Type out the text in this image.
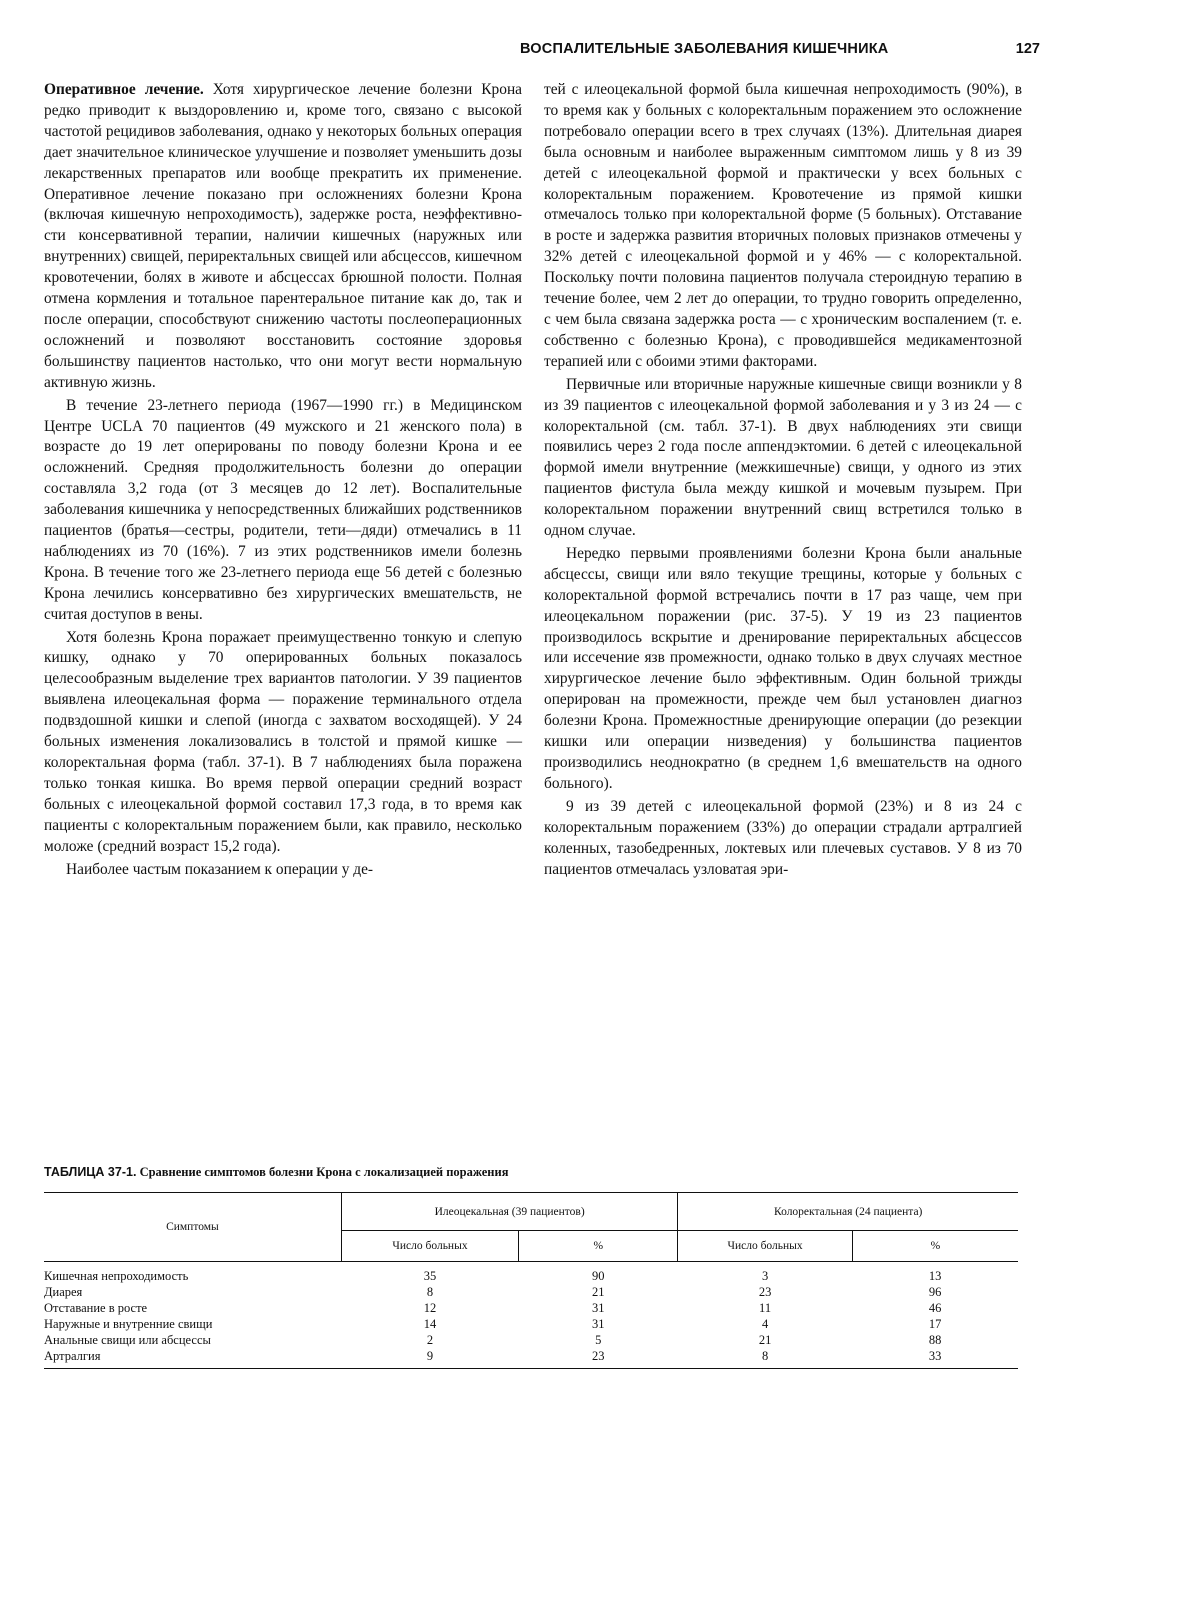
ВОСПАЛИТЕЛЬНЫЕ ЗАБОЛЕВАНИЯ КИШЕЧНИКА	127

Оперативное лечение. Хотя хирургическое лечение болезни Крона редко приводит к выздоровлению и, кроме того, связано с высокой частотой рецидивов заболевания, однако у некоторых больных операция дает значительное клиническое улучшение и позволяет уменьшить дозы лекарственных препаратов или вообще прекратить их применение. Оперативное лечение показано при осложнениях болезни Крона (включая кишечную непроходимость), задержке роста, неэффективности консервативной терапии, наличии кишечных (наружных или внутренних) свищей, периректальных свищей или абсцессов, кишечном кровотечении, болях в животе и абсцессах брюшной полости. Полная отмена кормления и тотальное парентеральное питание как до, так и после операции, способствуют снижению частоты послеоперационных осложнений и позволяют восстановить состояние здоровья большинству пациентов настолько, что они могут вести нормальную активную жизнь.

В течение 23-летнего периода (1967—1990 гг.) в Медицинском Центре UCLA 70 пациентов (49 мужского и 21 женского пола) в возрасте до 19 лет оперированы по поводу болезни Крона и ее осложнений. Средняя продолжительность болезни до операции составляла 3,2 года (от 3 месяцев до 12 лет). Воспалительные заболевания кишечника у непосредственных ближайших родственников пациентов (братья—сестры, родители, тети—дяди) отмечались в 11 наблюдениях из 70 (16%). 7 из этих родственников имели болезнь Крона. В течение того же 23-летнего периода еще 56 детей с болезнью Крона лечились консервативно без хирургических вмешательств, не считая доступов в вены.

Хотя болезнь Крона поражает преимущественно тонкую и слепую кишку, однако у 70 оперированных больных показалось целесообразным выделение трех вариантов патологии. У 39 пациентов выявлена илеоцекальная форма — поражение терминального отдела подвздошной кишки и слепой (иногда с захватом восходящей). У 24 больных изменения локализовались в толстой и прямой кишке — колоректальная форма (табл. 37-1). В 7 наблюдениях была поражена только тонкая кишка. Во время первой операции средний возраст больных с илеоцекальной формой составил 17,3 года, в то время как пациенты с колоректальным поражением были, как правило, несколько моложе (средний возраст 15,2 года).

Наиболее частым показанием к операции у де-

тей с илеоцекальной формой была кишечная непроходимость (90%), в то время как у больных с колоректальным поражением это осложнение потребовало операции всего в трех случаях (13%). Длительная диарея была основным и наиболее выраженным симптомом лишь у 8 из 39 детей с илеоцекальной формой и практически у всех больных с колоректальным поражением. Кровотечение из прямой кишки отмечалось только при колоректальной форме (5 больных). Отставание в росте и задержка развития вторичных половых признаков отмечены у 32% детей с илеоцекальной формой и у 46% — с колоректальной. Поскольку почти половина пациентов получала стероидную терапию в течение более, чем 2 лет до операции, то трудно говорить определенно, с чем была связана задержка роста — с хроническим воспалением (т. е. собственно с болезнью Крона), с проводившейся медикаментозной терапией или с обоими этими факторами.

Первичные или вторичные наружные кишечные свищи возникли у 8 из 39 пациентов с илеоцекальной формой заболевания и у 3 из 24 — с колоректальной (см. табл. 37-1). В двух наблюдениях эти свищи появились через 2 года после аппендэктомии. 6 детей с илеоцекальной формой имели внутренние (межкишечные) свищи, у одного из этих пациентов фистула была между кишкой и мочевым пузырем. При колоректальном поражении внутренний свищ встретился только в одном случае.

Нередко первыми проявлениями болезни Крона были анальные абсцессы, свищи или вяло текущие трещины, которые у больных с колоректальной формой встречались почти в 17 раз чаще, чем при илеоцекальном поражении (рис. 37-5). У 19 из 23 пациентов производилось вскрытие и дренирование периректальных абсцессов или иссечение язв промежности, однако только в двух случаях местное хирургическое лечение было эффективным. Один больной трижды оперирован на промежности, прежде чем был установлен диагноз болезни Крона. Промежностные дренирующие операции (до резекции кишки или операции низведения) у большинства пациентов производились неоднократно (в среднем 1,6 вмешательств на одного больного).

9 из 39 детей с илеоцекальной формой (23%) и 8 из 24 с колоректальным поражением (33%) до операции страдали артралгией коленных, тазобедренных, локтевых или плечевых суставов. У 8 из 70 пациентов отмечалась узловатая эри-

ТАБЛИЦА 37-1. Сравнение симптомов болезни Крона с локализацией поражения
Симптомы	Илеоцекальная (39 пациентов)		Колоректальная (24 пациента)	
	Число больных	%	Число больных	%
Кишечная непроходимость	35	90	3	13
Диарея	8	21	23	96
Отставание в росте	12	31	11	46
Наружные и внутренние свищи	14	31	4	17
Анальные свищи или абсцессы	2	5	21	88
Артралгия	9	23	8	33
